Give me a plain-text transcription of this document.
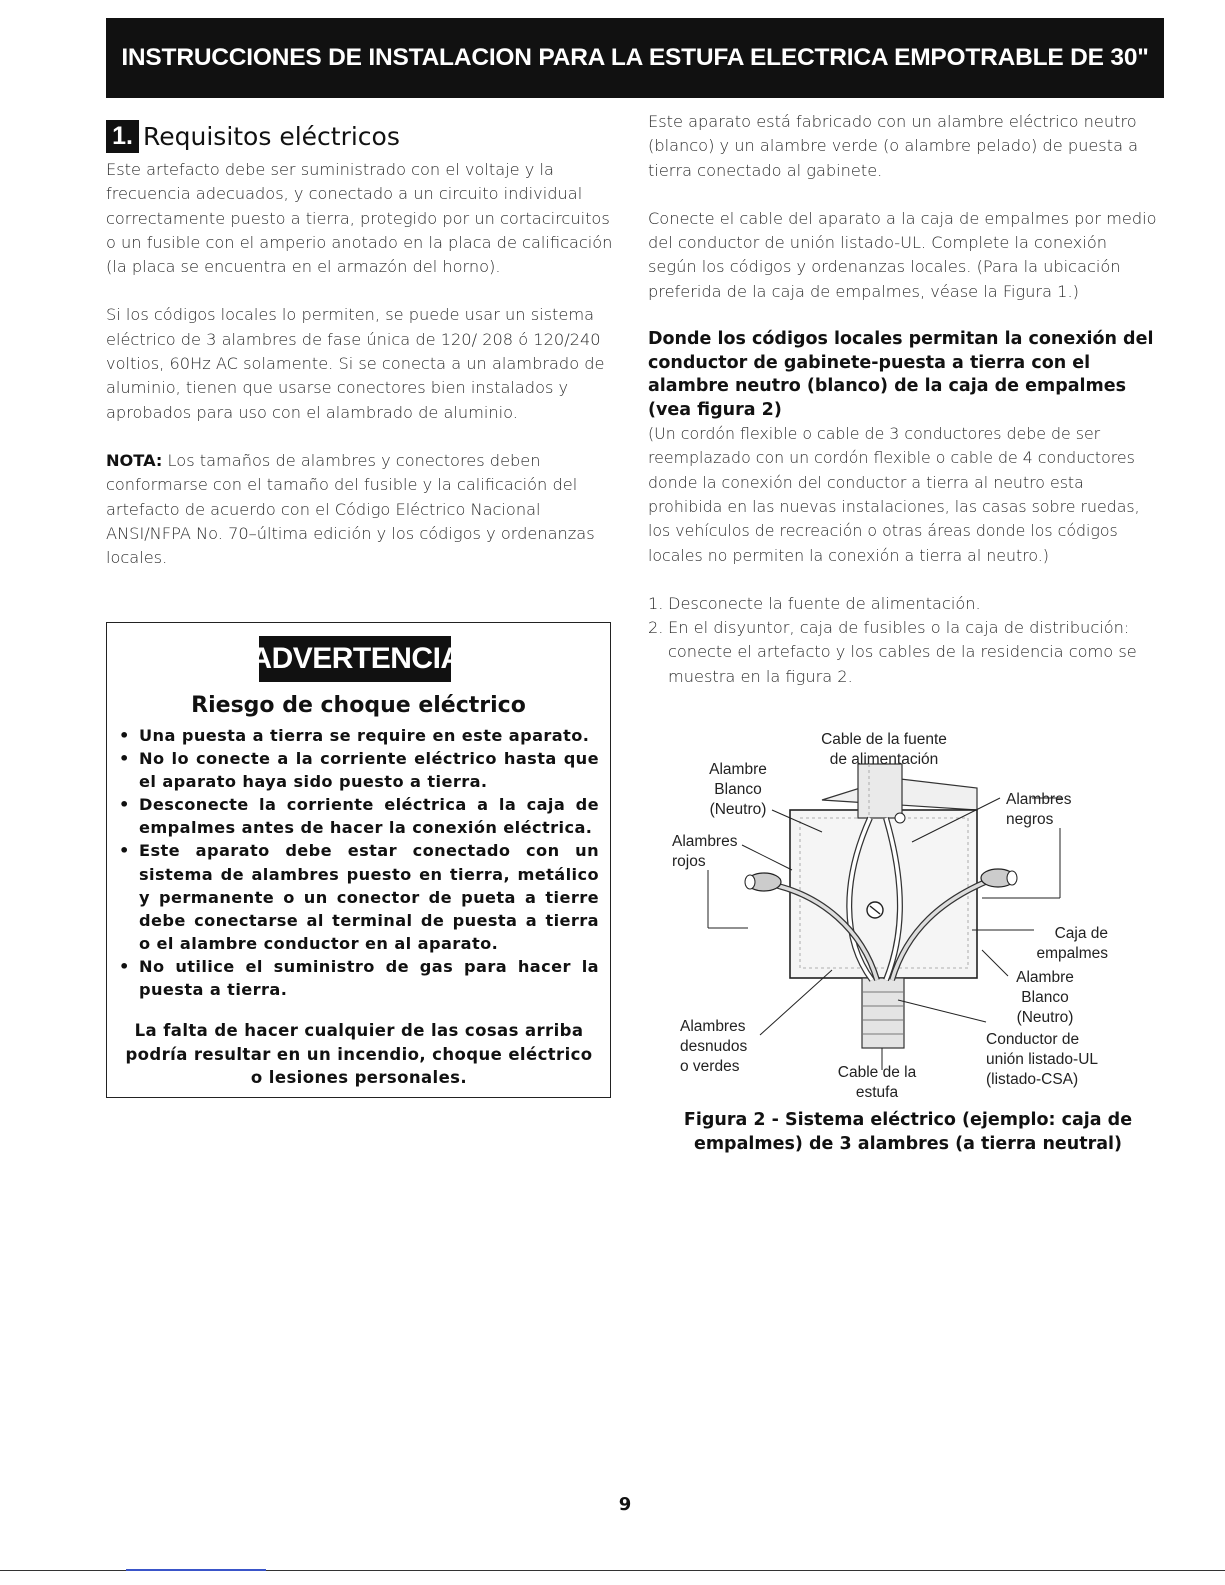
INSTRUCCIONES DE INSTALACION PARA LA ESTUFA ELECTRICA EMPOTRABLE DE 30"
1. Requisitos eléctricos

Este artefacto debe ser suministrado con el voltaje y la frecuencia adecuados, y conectado a un circuito individual correctamente puesto a tierra, protegido por un cortacircuitos o un fusible con el amperio anotado en la placa de calificación (la placa se encuentra en el armazón del horno).

Si los códigos locales lo permiten, se puede usar un sistema eléctrico de 3 alambres de fase única de 120/ 208 ó 120/240 voltios, 60Hz AC solamente. Si se conecta a un alambrado de aluminio, tienen que usarse conectores bien instalados y aprobados para uso con el alambrado de aluminio.

NOTA: Los tamaños de alambres y conectores deben conformarse con el tamaño del fusible y la calificación del artefacto de acuerdo con el Código Eléctrico Nacional ANSI/NFPA No. 70–última edición y los códigos y ordenanzas locales.

ADVERTENCIA
Riesgo de choque eléctrico
• Una puesta a tierra se require en este aparato.
• No lo conecte a la corriente eléctrico hasta que el aparato haya sido puesto a tierra.
• Desconecte la corriente eléctrica a la caja de empalmes antes de hacer la conexión eléctrica.
• Este aparato debe estar conectado con un sistema de alambres puesto en tierra, metálico y permanente o un conector de pueta a tierre debe conectarse al terminal de puesta a tierra o el alambre conductor en al aparato.
• No utilice el suministro de gas para hacer la puesta a tierra.
La falta de hacer cualquier de las cosas arriba podría resultar en un incendio, choque eléctrico o lesiones personales.

Este aparato está fabricado con un alambre eléctrico neutro (blanco) y un alambre verde (o alambre pelado) de puesta a tierra conectado al gabinete.

Conecte el cable del aparato a la caja de empalmes por medio del conductor de unión listado-UL. Complete la conexión según los códigos y ordenanzas locales. (Para la ubicación preferida de la caja de empalmes, véase la Figura 1.)

Donde los códigos locales permitan la conexión del conductor de gabinete-puesta a tierra con el alambre neutro (blanco) de la caja de empalmes (vea figura 2)

(Un cordón flexible o cable de 3 conductores debe de ser reemplazado con un cordón flexible o cable de 4 conductores donde la conexión del conductor a tierra al neutro esta prohibida en las nuevas instalaciones, las casas sobre ruedas, los vehículos de recreación o otras áreas donde los códigos locales no permiten la conexión a tierra al neutro.)

1. Desconecte la fuente de alimentación.
2. En el disyuntor, caja de fusibles o la caja de distribución: conecte el artefacto y los cables de la residencia como se muestra en la figura 2.
Cable de la fuente
de alimentación
Alambre
Blanco
(Neutro)
Alambres
rojos
Alambres
negros
Caja de
empalmes
Alambre
Blanco
(Neutro)
Conductor de
unión listado-UL
(listado-CSA)
Alambres
desnudos
o verdes	Cable de la
estufa
Figura 2 - Sistema eléctrico (ejemplo: caja de empalmes) de 3 alambres (a tierra neutral)
9
